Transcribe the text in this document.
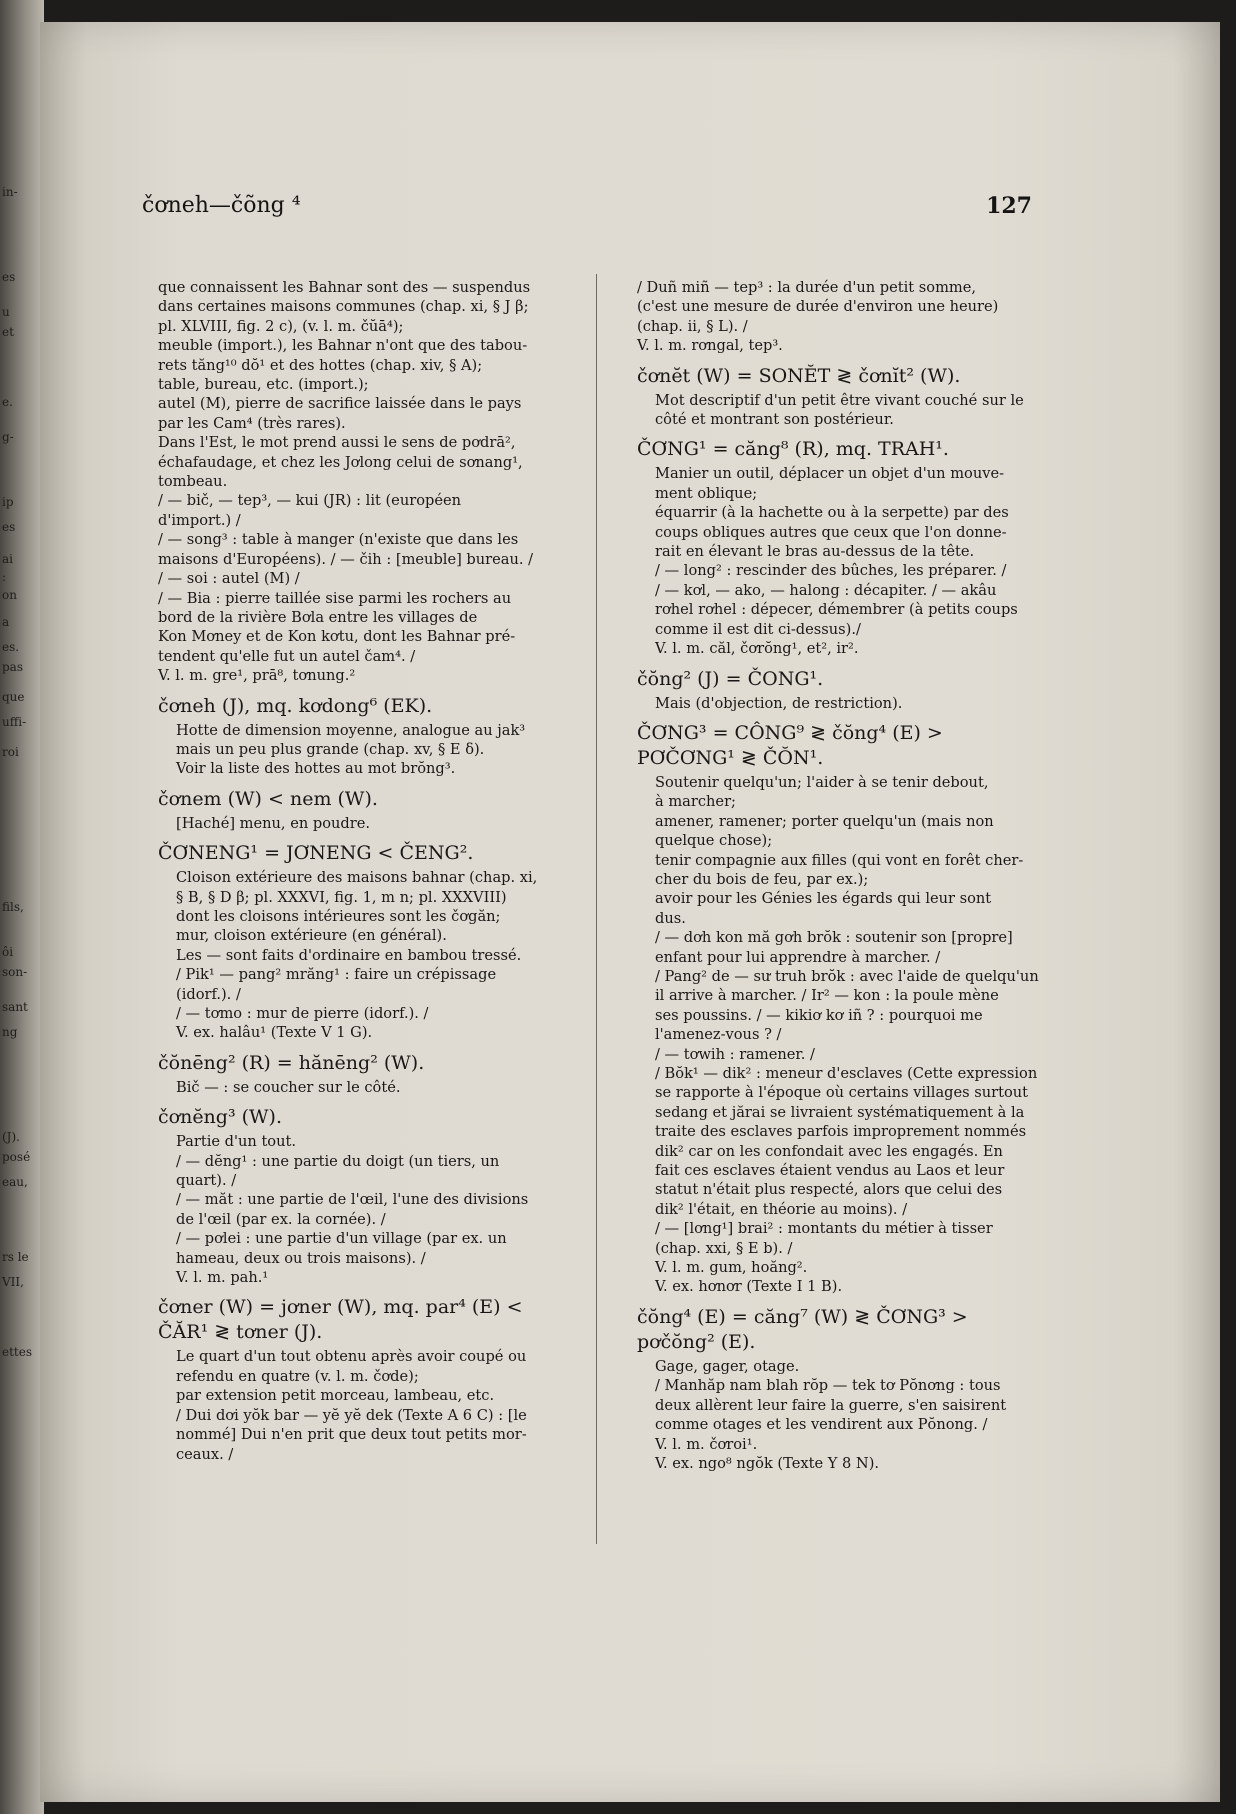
in-
es
u
et
e.
g-
ip
es
ai
:
on
a
es.
pas
que
uffi-
roi
fils,
ôi
son-
sant
ng
(J).
posé
eau,
rs le
VII,
ettes
čơneh—čõng ⁴	127
que connaissent les Bahnar sont des — suspendus
dans certaines maisons communes (chap. xi, § J β;
pl. XLVIII, fig. 2 c), (v. l. m. čŭā⁴);
meuble (import.), les Bahnar n'ont que des tabou-
rets tăng¹⁰ dŏ¹ et des hottes (chap. xiv, § A);
table, bureau, etc. (import.);
autel (M), pierre de sacrifice laissée dans le pays
par les Cam⁴ (très rares).
Dans l'Est, le mot prend aussi le sens de pơdrā²,
échafaudage, et chez les Jơlong celui de sơnang¹,
tombeau.
/ — bič, — tep³, — kui (JR) : lit (européen
d'import.) /
/ — song³ : table à manger (n'existe que dans les
maisons d'Européens). / — čih : [meuble] bureau. /
/ — soi : autel (M) /
/ — Bia : pierre taillée sise parmi les rochers au
bord de la rivière Bơla entre les villages de
Kon Mơney et de Kon kơtu, dont les Bahnar pré-
tendent qu'elle fut un autel čam⁴. /
V. l. m. gre¹, prā⁸, tơnung.²
čơneh (J), mq. kơdong⁶ (EK).
Hotte de dimension moyenne, analogue au jak³
mais un peu plus grande (chap. xv, § E δ).
Voir la liste des hottes au mot brŏng³.
čơnem (W) < nem (W).
[Haché] menu, en poudre.
ČƠNENG¹ = JƠNENG < ČENG².
Cloison extérieure des maisons bahnar (chap. xi,
§ B, § D β; pl. XXXVI, fig. 1, m n; pl. XXXVIII)
dont les cloisons intérieures sont les čơgăn;
mur, cloison extérieure (en général).
Les — sont faits d'ordinaire en bambou tressé.
/ Pik¹ — pang² mrăng¹ : faire un crépissage
(idorf.). /
/ — tơmo : mur de pierre (idorf.). /
V. ex. halâu¹ (Texte V 1 G).
čŏnēng² (R) = hănēng² (W).
Bič — : se coucher sur le côté.
čơnĕng³ (W).
Partie d'un tout.
/ — dĕng¹ : une partie du doigt (un tiers, un
quart). /
/ — măt : une partie de l'œil, l'une des divisions
de l'œil (par ex. la cornée). /
/ — pơlei : une partie d'un village (par ex. un
hameau, deux ou trois maisons). /
V. l. m. pah.¹
čơner (W) = jơner (W), mq. par⁴ (E) < ČĂR¹ ≷ tơner (J).
Le quart d'un tout obtenu après avoir coupé ou
refendu en quatre (v. l. m. čơde);
par extension petit morceau, lambeau, etc.
/ Dui dơi yŏk bar — yĕ yĕ dek (Texte A 6 C) : [le
nommé] Dui n'en prit que deux tout petits mor-
ceaux. /
/ Duñ miñ — tep³ : la durée d'un petit somme,
(c'est une mesure de durée d'environ une heure)
(chap. ii, § L). /
V. l. m. rơngal, tep³.
čơnĕt (W) = SONĔT ≷ čơnĭt² (W).
Mot descriptif d'un petit être vivant couché sur le
côté et montrant son postérieur.
ČƠNG¹ = căng⁸ (R), mq. TRAH¹.
Manier un outil, déplacer un objet d'un mouve-
ment oblique;
équarrir (à la hachette ou à la serpette) par des
coups obliques autres que ceux que l'on donne-
rait en élevant le bras au-dessus de la tête.
/ — long² : rescinder des bûches, les préparer. /
/ — kơl, — ako, — halong : décapiter. / — akâu
rơhel rơhel : dépecer, démembrer (à petits coups
comme il est dit ci-dessus)./
V. l. m. căl, čơrŏng¹, et², ir².
čŏng² (J) = ČONG¹.
Mais (d'objection, de restriction).
ČƠNG³ = CÔNG⁹ ≷ čŏng⁴ (E) > PƠČƠNG¹ ≷ ČŎN¹.
Soutenir quelqu'un; l'aider à se tenir debout,
à marcher;
amener, ramener; porter quelqu'un (mais non
quelque chose);
tenir compagnie aux filles (qui vont en forêt cher-
cher du bois de feu, par ex.);
avoir pour les Génies les égards qui leur sont
dus.
/ — dơh kon mă gơh brŏk : soutenir son [propre]
enfant pour lui apprendre à marcher. /
/ Pang² de — sư truh brŏk : avec l'aide de quelqu'un
il arrive à marcher. / Ir² — kon : la poule mène
ses poussins. / — kikiơ kơ iñ ? : pourquoi me
l'amenez-vous ? /
/ — tơwih : ramener. /
/ Bŏk¹ — dik² : meneur d'esclaves (Cette expression
se rapporte à l'époque où certains villages surtout
sedang et jărai se livraient systématiquement à la
traite des esclaves parfois improprement nommés
dik² car on les confondait avec les engagés. En
fait ces esclaves étaient vendus au Laos et leur
statut n'était plus respecté, alors que celui des
dik² l'était, en théorie au moins). /
/ — [lơng¹] brai² : montants du métier à tisser
(chap. xxi, § E b). /
V. l. m. gum, hoăng².
V. ex. hơnơr (Texte I 1 B).
čŏng⁴ (E) = căng⁷ (W) ≷ ČƠNG³ > pơčŏng² (E).
Gage, gager, otage.
/ Manhăp nam blah rŏp — tek tơ Pŏnơng : tous
deux allèrent leur faire la guerre, s'en saisirent
comme otages et les vendirent aux Pŏnong. /
V. l. m. čơroi¹.
V. ex. ngo⁸ ngŏk (Texte Y 8 N).
